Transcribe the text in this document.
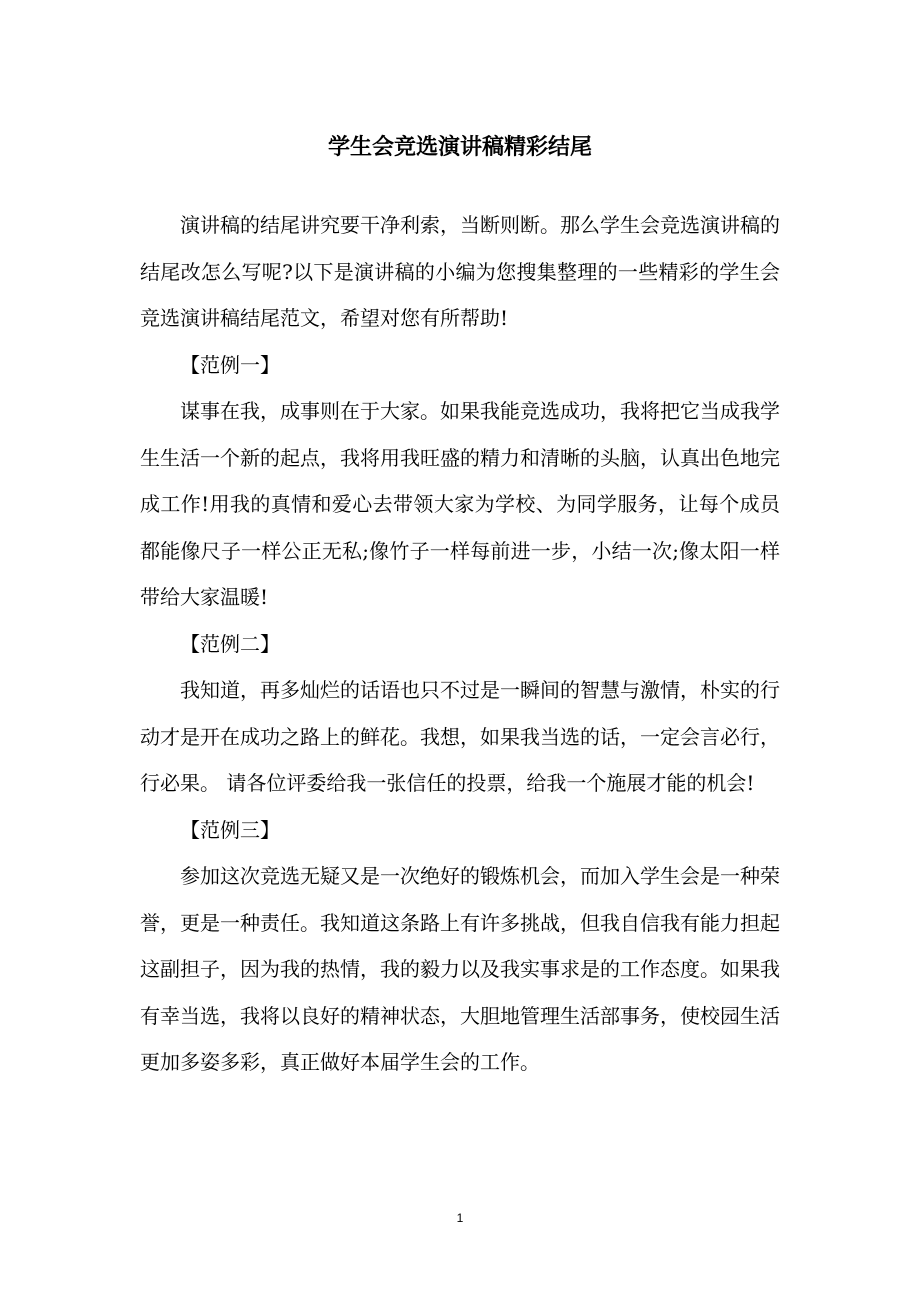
学生会竞选演讲稿精彩结尾

演讲稿的结尾讲究要干净利索，当断则断。那么学生会竞选演讲稿的结尾改怎么写呢?以下是演讲稿的小编为您搜集整理的一些精彩的学生会竞选演讲稿结尾范文，希望对您有所帮助!

【范例一】

谋事在我，成事则在于大家。如果我能竞选成功，我将把它当成我学生生活一个新的起点，我将用我旺盛的精力和清晰的头脑，认真出色地完成工作!用我的真情和爱心去带领大家为学校、为同学服务，让每个成员都能像尺子一样公正无私;像竹子一样每前进一步，小结一次;像太阳一样带给大家温暖!

【范例二】

我知道，再多灿烂的话语也只不过是一瞬间的智慧与激情，朴实的行动才是开在成功之路上的鲜花。我想，如果我当选的话，一定会言必行，行必果。 请各位评委给我一张信任的投票，给我一个施展才能的机会!

【范例三】

参加这次竞选无疑又是一次绝好的锻炼机会，而加入学生会是一种荣誉，更是一种责任。我知道这条路上有许多挑战，但我自信我有能力担起这副担子，因为我的热情，我的毅力以及我实事求是的工作态度。如果我有幸当选，我将以良好的精神状态，大胆地管理生活部事务，使校园生活更加多姿多彩，真正做好本届学生会的工作。

1
